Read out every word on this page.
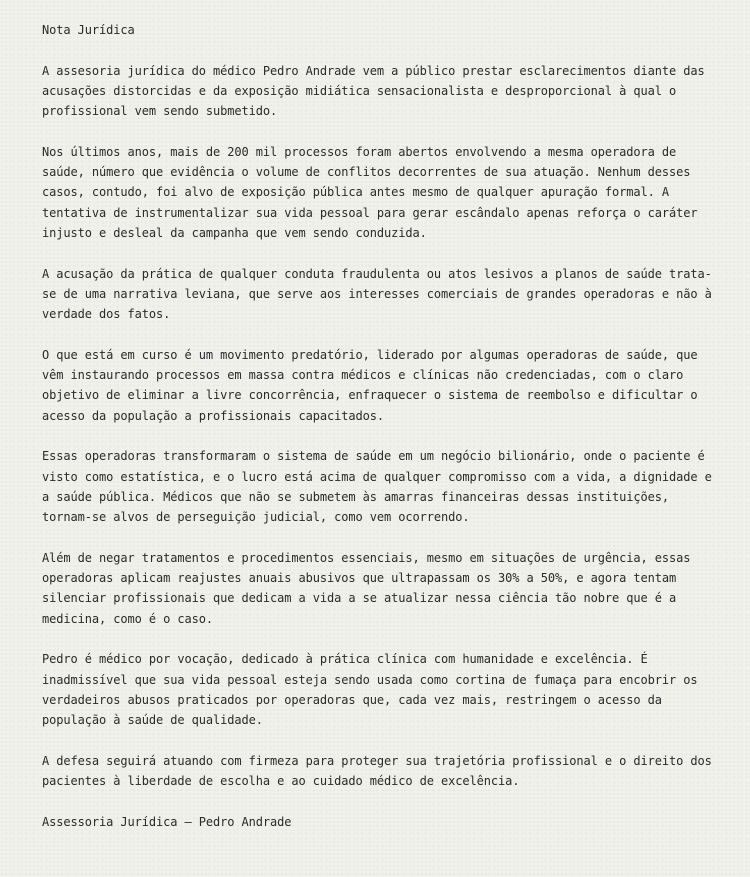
Nota Jurídica
A assesoria jurídica do médico Pedro Andrade vem a público prestar esclarecimentos diante das acusações distorcidas e da exposição midiática sensacionalista e desproporcional à qual o profissional vem sendo submetido.
Nos últimos anos, mais de 200 mil processos foram abertos envolvendo a mesma operadora de saúde, número que evidência o volume de conflitos decorrentes de sua atuação. Nenhum desses casos, contudo, foi alvo de exposição pública antes mesmo de qualquer apuração formal. A tentativa de instrumentalizar sua vida pessoal para gerar escândalo apenas reforça o caráter injusto e desleal da campanha que vem sendo conduzida.
A acusação da prática de qualquer conduta fraudulenta ou atos lesivos a planos de saúde trata-se de uma narrativa leviana, que serve aos interesses comerciais de grandes operadoras e não à verdade dos fatos.
O que está em curso é um movimento predatório, liderado por algumas operadoras de saúde, que vêm instaurando processos em massa contra médicos e clínicas não credenciadas, com o claro objetivo de eliminar a livre concorrência, enfraquecer o sistema de reembolso e dificultar o acesso da população a profissionais capacitados.
Essas operadoras transformaram o sistema de saúde em um negócio bilionário, onde o paciente é visto como estatística, e o lucro está acima de qualquer compromisso com a vida, a dignidade e a saúde pública. Médicos que não se submetem às amarras financeiras dessas instituições, tornam-se alvos de perseguição judicial, como vem ocorrendo.
Além de negar tratamentos e procedimentos essenciais, mesmo em situações de urgência, essas operadoras aplicam reajustes anuais abusivos que ultrapassam os 30% a 50%, e agora tentam silenciar profissionais que dedicam a vida a se atualizar nessa ciência tão nobre que é a medicina, como é o caso.
Pedro é médico por vocação, dedicado à prática clínica com humanidade e excelência. É inadmissível que sua vida pessoal esteja sendo usada como cortina de fumaça para encobrir os verdadeiros abusos praticados por operadoras que, cada vez mais, restringem o acesso da população à saúde de qualidade.
A defesa seguirá atuando com firmeza para proteger sua trajetória profissional e o direito dos pacientes à liberdade de escolha e ao cuidado médico de excelência.
Assessoria Jurídica – Pedro Andrade
